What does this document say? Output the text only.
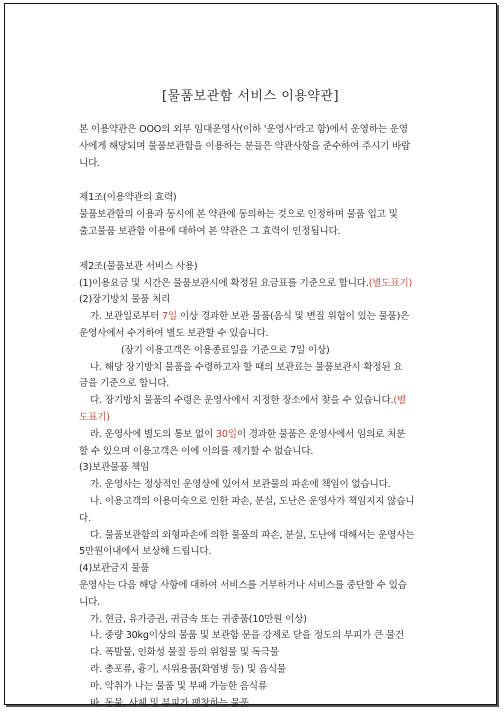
[물품보관함 서비스 이용약관]

본 이용약관은 OOO의 외부 임대운영사(이하 '운영사'라고 함)에서 운영하는 운영

사에게 해당되며 물품보관함을 이용하는 분들은 약관사항을 준수하여 주시기 바랍

니다.

제1조(이용약관의 효력)

물품보관함의 이용과 동시에 본 약관에 동의하는 것으로 인정하며 물품 입고 및

출고물품 보관함 이용에 대하여 본 약관은 그 효력이 인정됩니다.

제2조(물품보관 서비스 사용)

(1)이용요금 및 시간은 물품보관시에 확정된 요금표를 기준으로 합니다.(별도표기)

(2)장기방치 물품 처리

가. 보관일로부터 7일 이상 경과한 보관 물품(음식 및 변질 위험이 있는 물품)은

운영사에서 수거하여 별도 보관할 수 있습니다.

(장기 이용고객은 이용종료일을 기준으로 7일 이상)

나. 해당 장기방치 물품을 수령하고자 할 때의 보관료는 물품보관시 확정된 요

금을 기준으로 합니다.

다. 장기방치 물품의 수령은 운영사에서 지정한 장소에서 찾을 수 있습니다.(별

도표기)

라. 운영사에 별도의 통보 없이 30일이 경과한 물품은 운영사에서 임의로 처분

할 수 있으며 이용고객은 이에 이의를 제기할 수 없습니다.

(3)보관물품 책임

가. 운영사는 정상적인 운영상에 있어서 보관물의 파손에 책임이 없습니다.

나. 이용고객의 이용미숙으로 인한 파손, 분실, 도난은 운영사가 책임지지 않습니

다.

다. 물품보관함의 외형파손에 의한 물품의 파손, 분실, 도난에 대해서는 운영사는

5만원이내에서 보상해 드립니다.

(4)보관금지 물품

운영사는 다음 해당 사항에 대하여 서비스를 거부하거나 서비스를 중단할 수 있습

니다.

가. 현금, 유가증권, 귀금속 또는 귀중품(10만원 이상)

나. 중량 30kg이상의 물품 및 보관함 문을 강제로 닫을 정도의 부피가 큰 물건

다. 폭발물, 인화성 물질 등의 위험물 및 독극물

라. 총포류, 흉기, 시위용품(화염병 등) 및 음식물

마. 악취가 나는 물품 및 부패 가능한 음식류

바. 동물, 사체 및 부피가 팽창하는 물품
